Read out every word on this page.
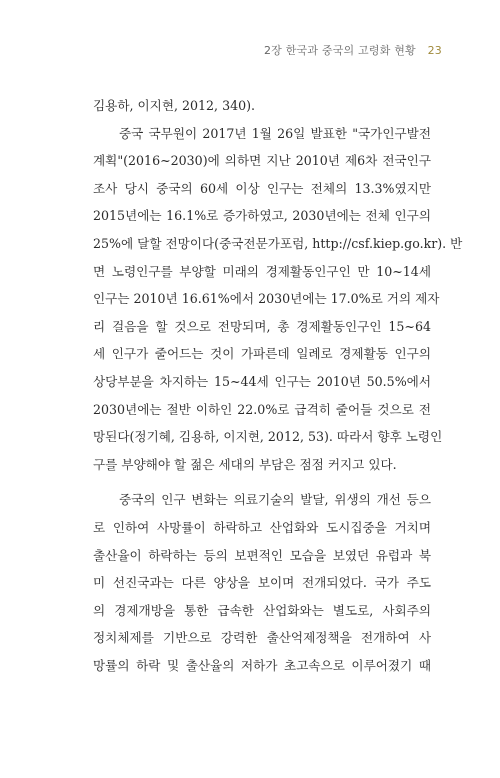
2장 한국과 중국의 고령화 현황 23
김용하, 이지현, 2012, 340).
중국 국무원이 2017년 1월 26일 발표한 "국가인구발전
계획"(2016~2030)에 의하면 지난 2010년 제6차 전국인구
조사 당시 중국의 60세 이상 인구는 전체의 13.3%였지만
2015년에는 16.1%로 증가하였고, 2030년에는 전체 인구의
25%에 달할 전망이다(중국전문가포럼, http://csf.kiep.go.kr). 반
면 노령인구를 부양할 미래의 경제활동인구인 만 10~14세
인구는 2010년 16.61%에서 2030년에는 17.0%로 거의 제자
리 걸음을 할 것으로 전망되며, 총 경제활동인구인 15~64
세 인구가 줄어드는 것이 가파른데 일례로 경제활동 인구의
상당부분을 차지하는 15~44세 인구는 2010년 50.5%에서
2030년에는 절반 이하인 22.0%로 급격히 줄어들 것으로 전
망된다(정기혜, 김용하, 이지현, 2012, 53). 따라서 향후 노령인
구를 부양해야 할 젊은 세대의 부담은 점점 커지고 있다.
중국의 인구 변화는 의료기술의 발달, 위생의 개선 등으
로 인하여 사망률이 하락하고 산업화와 도시집중을 거치며
출산율이 하락하는 등의 보편적인 모습을 보였던 유럽과 북
미 선진국과는 다른 양상을 보이며 전개되었다. 국가 주도
의 경제개방을 통한 급속한 산업화와는 별도로, 사회주의
정치체제를 기반으로 강력한 출산억제정책을 전개하여 사
망률의 하락 및 출산율의 저하가 초고속으로 이루어졌기 때
